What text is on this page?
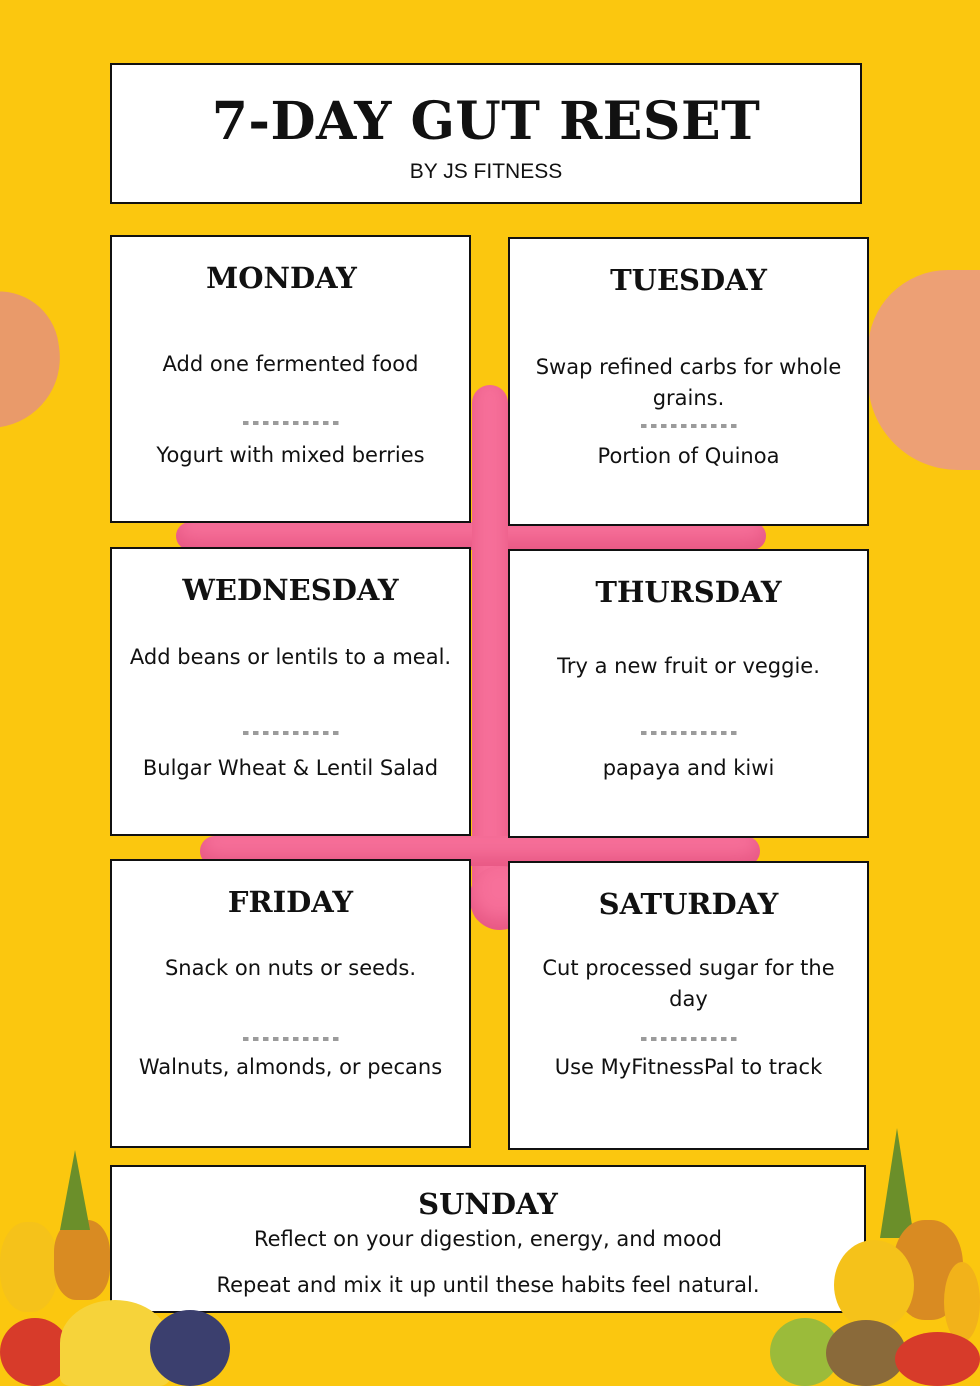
7-DAY GUT RESET
BY JS FITNESS
MONDAY
Add one fermented food
Yogurt with mixed berries
TUESDAY
Swap refined carbs for whole grains.
Portion of Quinoa
WEDNESDAY
Add beans or lentils to a meal.
Bulgar Wheat & Lentil Salad
THURSDAY
Try a new fruit or veggie.
papaya and kiwi
FRIDAY
Snack on nuts or seeds.
Walnuts, almonds, or pecans
SATURDAY
Cut processed sugar for the day
Use MyFitnessPal to track
SUNDAY
Reflect on your digestion, energy, and mood
Repeat and mix it up until these habits feel natural.
